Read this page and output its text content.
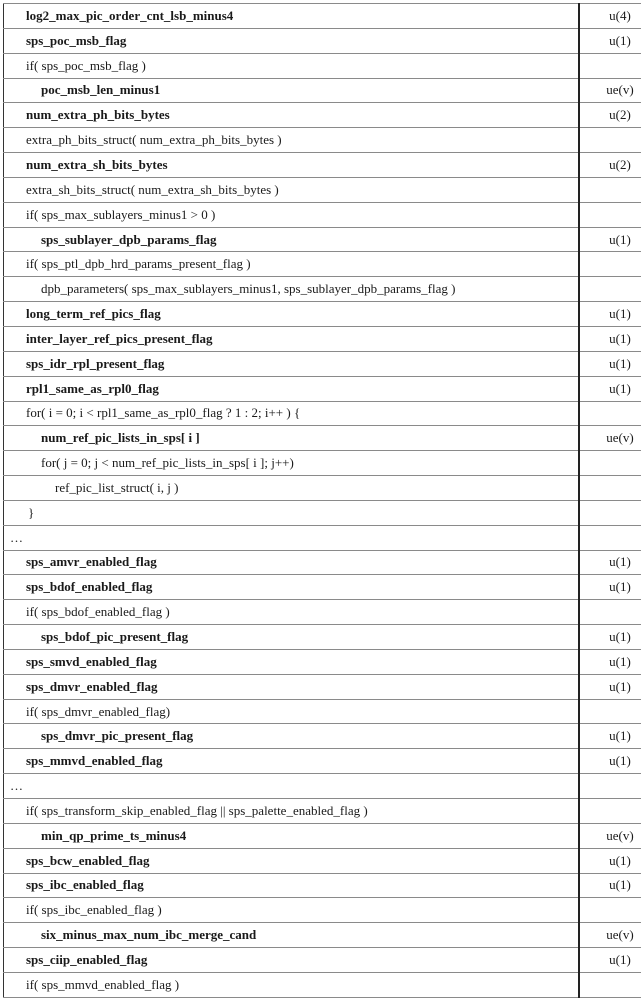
log2_max_pic_order_cnt_lsb_minus4	u(4)
sps_poc_msb_flag	u(1)
if( sps_poc_msb_flag )	
poc_msb_len_minus1	ue(v)
num_extra_ph_bits_bytes	u(2)
extra_ph_bits_struct( num_extra_ph_bits_bytes )	
num_extra_sh_bits_bytes	u(2)
extra_sh_bits_struct( num_extra_sh_bits_bytes )	
if( sps_max_sublayers_minus1 > 0 )	
sps_sublayer_dpb_params_flag	u(1)
if( sps_ptl_dpb_hrd_params_present_flag )	
dpb_parameters( sps_max_sublayers_minus1, sps_sublayer_dpb_params_flag )	
long_term_ref_pics_flag	u(1)
inter_layer_ref_pics_present_flag	u(1)
sps_idr_rpl_present_flag	u(1)
rpl1_same_as_rpl0_flag	u(1)
for( i = 0; i < rpl1_same_as_rpl0_flag ? 1 : 2; i++ ) {	
num_ref_pic_lists_in_sps[ i ]	ue(v)
for( j = 0; j < num_ref_pic_lists_in_sps[ i ]; j++)	
ref_pic_list_struct( i, j )	
}	
…	
sps_amvr_enabled_flag	u(1)
sps_bdof_enabled_flag	u(1)
if( sps_bdof_enabled_flag )	
sps_bdof_pic_present_flag	u(1)
sps_smvd_enabled_flag	u(1)
sps_dmvr_enabled_flag	u(1)
if( sps_dmvr_enabled_flag)	
sps_dmvr_pic_present_flag	u(1)
sps_mmvd_enabled_flag	u(1)
…	
if( sps_transform_skip_enabled_flag || sps_palette_enabled_flag )	
min_qp_prime_ts_minus4	ue(v)
sps_bcw_enabled_flag	u(1)
sps_ibc_enabled_flag	u(1)
if( sps_ibc_enabled_flag )	
six_minus_max_num_ibc_merge_cand	ue(v)
sps_ciip_enabled_flag	u(1)
if( sps_mmvd_enabled_flag )	
